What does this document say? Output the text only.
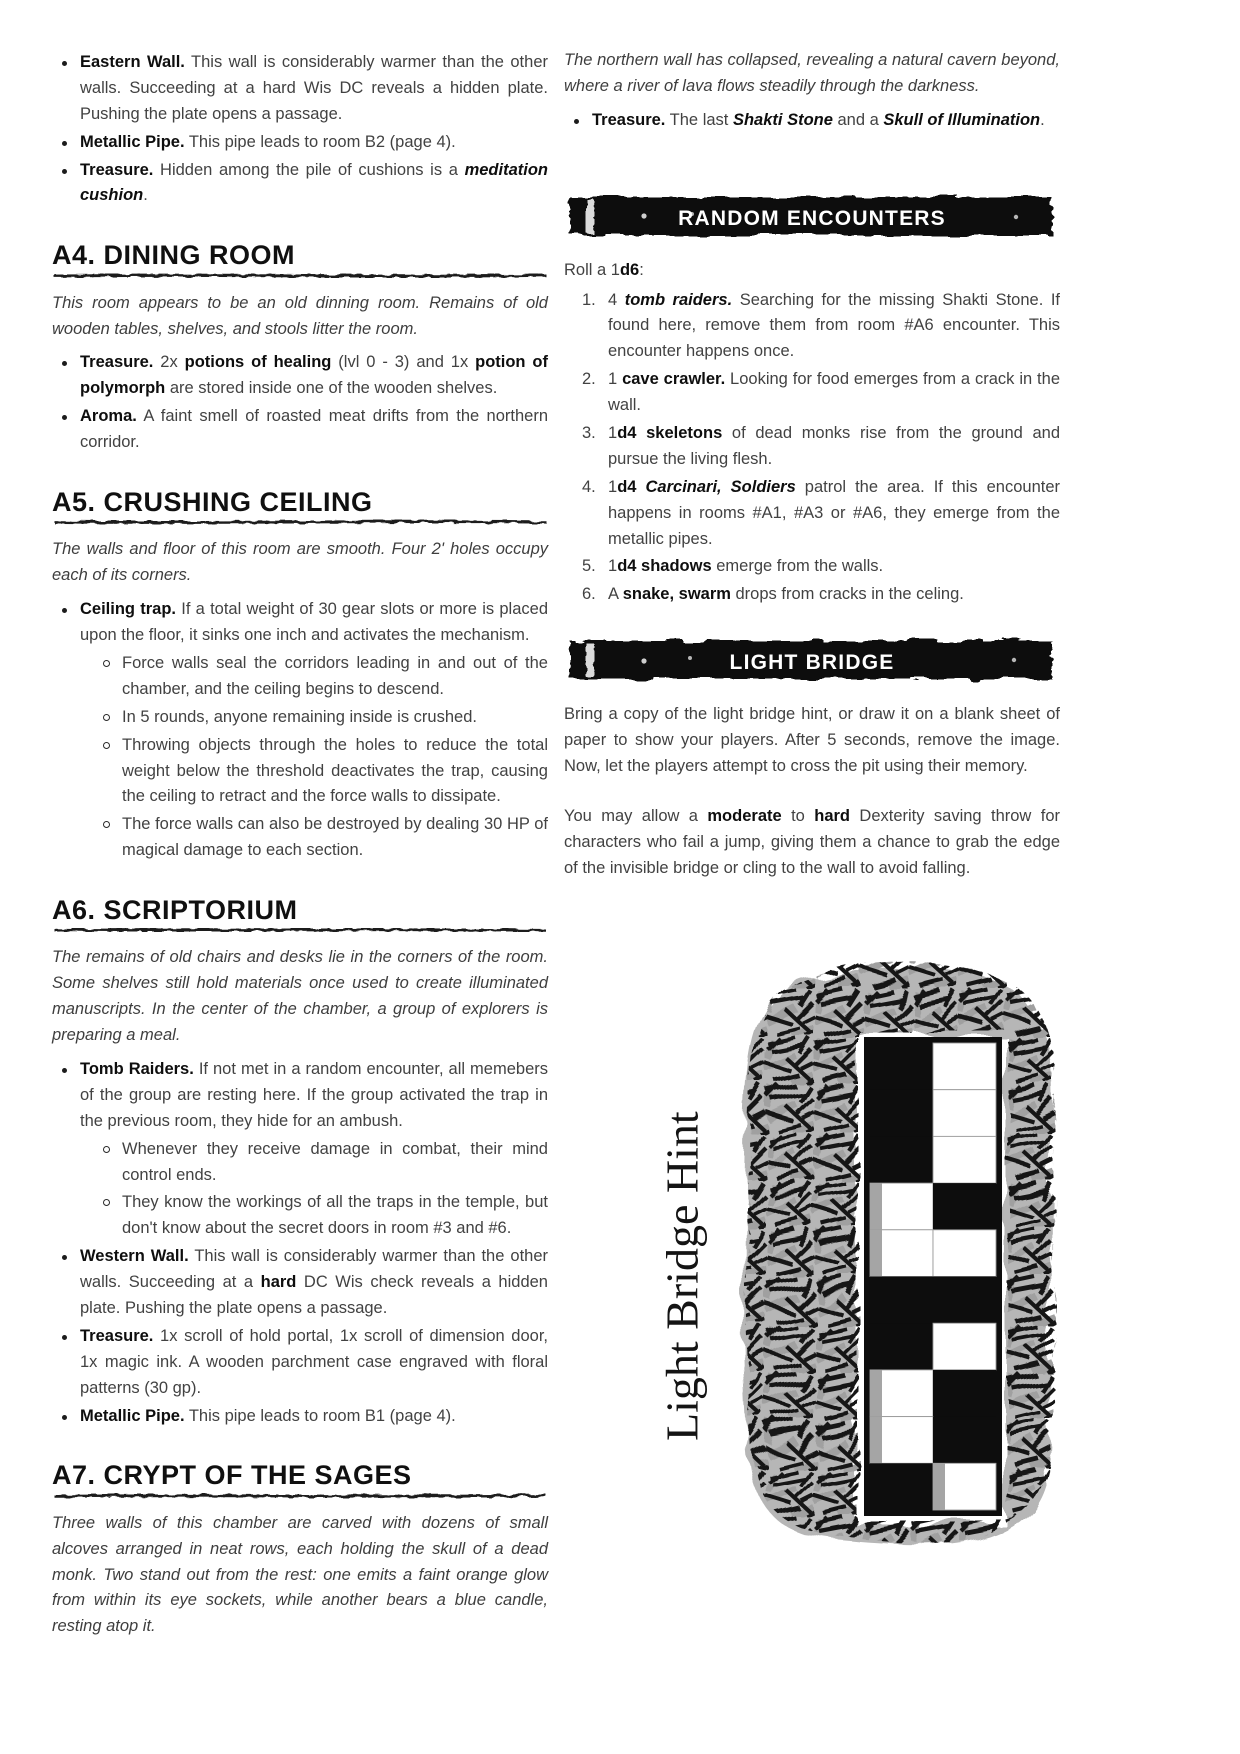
Eastern Wall. This wall is considerably warmer than the other walls. Succeeding at a hard Wis DC reveals a hidden plate. Pushing the plate opens a passage.
Metallic Pipe. This pipe leads to room B2 (page 4).
Treasure. Hidden among the pile of cushions is a meditation cushion.
A4. DINING ROOM

This room appears to be an old dinning room. Remains of old wooden tables, shelves, and stools litter the room.

Treasure. 2x potions of healing (lvl 0 - 3) and 1x potion of polymorph are stored inside one of the wooden shelves.
Aroma. A faint smell of roasted meat drifts from the northern corridor.
A5. CRUSHING CEILING

The walls and floor of this room are smooth. Four 2' holes occupy each of its corners.

Ceiling trap. If a total weight of 30 gear slots or more is placed upon the floor, it sinks one inch and activates the mechanism.
Force walls seal the corridors leading in and out of the chamber, and the ceiling begins to descend.
In 5 rounds, anyone remaining inside is crushed.
Throwing objects through the holes to reduce the total weight below the threshold deactivates the trap, causing the ceiling to retract and the force walls to dissipate.
The force walls can also be destroyed by dealing 30 HP of magical damage to each section.
A6. SCRIPTORIUM

The remains of old chairs and desks lie in the corners of the room. Some shelves still hold materials once used to create illuminated manuscripts. In the center of the chamber, a group of explorers is preparing a meal.

Tomb Raiders. If not met in a random encounter, all memebers of the group are resting here. If the group activated the trap in the previous room, they hide for an ambush.
Whenever they receive damage in combat, their mind control ends.
They know the workings of all the traps in the temple, but don't know about the secret doors in room #3 and #6.
Western Wall. This wall is considerably warmer than the other walls. Succeeding at a hard DC Wis check reveals a hidden plate. Pushing the plate opens a passage.
Treasure. 1x scroll of hold portal, 1x scroll of dimension door, 1x magic ink. A wooden parchment case engraved with floral patterns (30 gp).
Metallic Pipe. This pipe leads to room B1 (page 4).
A7. CRYPT OF THE SAGES

Three walls of this chamber are carved with dozens of small alcoves arranged in neat rows, each holding the skull of a dead monk. Two stand out from the rest: one emits a faint orange glow from within its eye sockets, while another bears a blue candle, resting atop it.

The northern wall has collapsed, revealing a natural cavern beyond, where a river of lava flows steadily through the darkness.

Treasure. The last Shakti Stone and a Skull of Illumination.
RANDOM ENCOUNTERS

Roll a 1d6:

1. 4 tomb raiders. Searching for the missing Shakti Stone. If found here, remove them from room #A6 encounter. This encounter happens once.
2. 1 cave crawler. Looking for food emerges from a crack in the wall.
3. 1d4 skeletons of dead monks rise from the ground and pursue the living flesh.
4. 1d4 Carcinari, Soldiers patrol the area. If this encounter happens in rooms #A1, #A3 or #A6, they emerge from the metallic pipes.
5. 1d4 shadows emerge from the walls.
6. A snake, swarm drops from cracks in the celing.
LIGHT BRIDGE

Bring a copy of the light bridge hint, or draw it on a blank sheet of paper to show your players. After 5 seconds, remove the image. Now, let the players attempt to cross the pit using their memory.

You may allow a moderate to hard Dexterity saving throw for characters who fail a jump, giving them a chance to grab the edge of the invisible bridge or cling to the wall to avoid falling.

Light Bridge Hint
